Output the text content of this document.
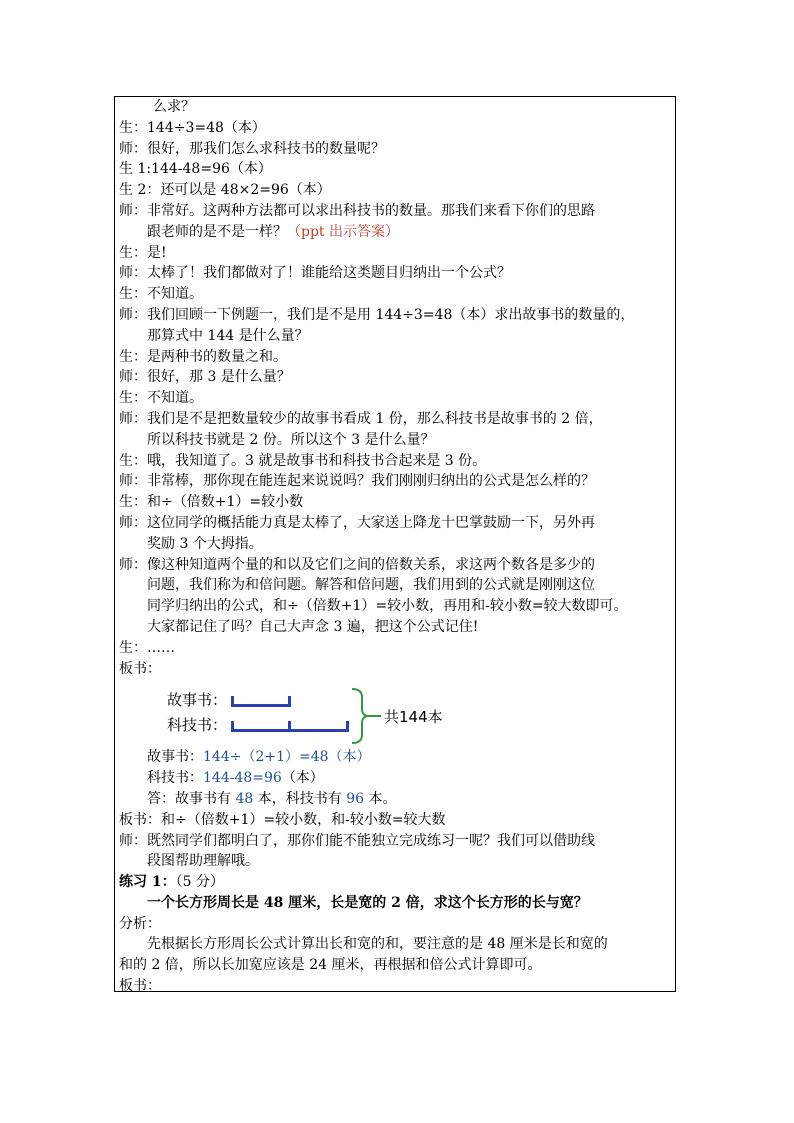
么求？
生：144÷3=48（本）
师：很好，那我们怎么求科技书的数量呢？
生 1:144-48=96（本）
生 2：还可以是 48×2=96（本）
师：非常好。这两种方法都可以求出科技书的数量。那我们来看下你们的思路
跟老师的是不是一样？（ppt 出示答案）
生：是!
师：太棒了！我们都做对了！谁能给这类题目归纳出一个公式？
生：不知道。
师：我们回顾一下例题一，我们是不是用 144÷3=48（本）求出故事书的数量的，
那算式中 144 是什么量？
生：是两种书的数量之和。
师：很好，那 3 是什么量？
生：不知道。
师：我们是不是把数量较少的故事书看成 1 份，那么科技书是故事书的 2 倍，
所以科技书就是 2 份。所以这个 3 是什么量？
生：哦，我知道了。3 就是故事书和科技书合起来是 3 份。
师：非常棒，那你现在能连起来说说吗？我们刚刚归纳出的公式是怎么样的？
生：和÷（倍数+1）=较小数
师：这位同学的概括能力真是太棒了，大家送上降龙十巴掌鼓励一下，另外再
奖励 3 个大拇指。
师：像这种知道两个量的和以及它们之间的倍数关系，求这两个数各是多少的
问题，我们称为和倍问题。解答和倍问题，我们用到的公式就是刚刚这位
同学归纳出的公式，和÷（倍数+1）=较小数，再用和-较小数=较大数即可。
大家都记住了吗？自己大声念 3 遍，把这个公式记住!
生：……
板书：
故事书：
科技书：	共144本
故事书：144÷（2+1）=48（本）
科技书：144-48=96（本）
答：故事书有 48 本，科技书有 96 本。
板书：和÷（倍数+1）=较小数，和-较小数=较大数
师：既然同学们都明白了，那你们能不能独立完成练习一呢？我们可以借助线
段图帮助理解哦。
练习 1：（5 分）
一个长方形周长是 48 厘米，长是宽的 2 倍，求这个长方形的长与宽？
分析：
先根据长方形周长公式计算出长和宽的和，要注意的是 48 厘米是长和宽的
和的 2 倍，所以长加宽应该是 24 厘米，再根据和倍公式计算即可。
板书：
